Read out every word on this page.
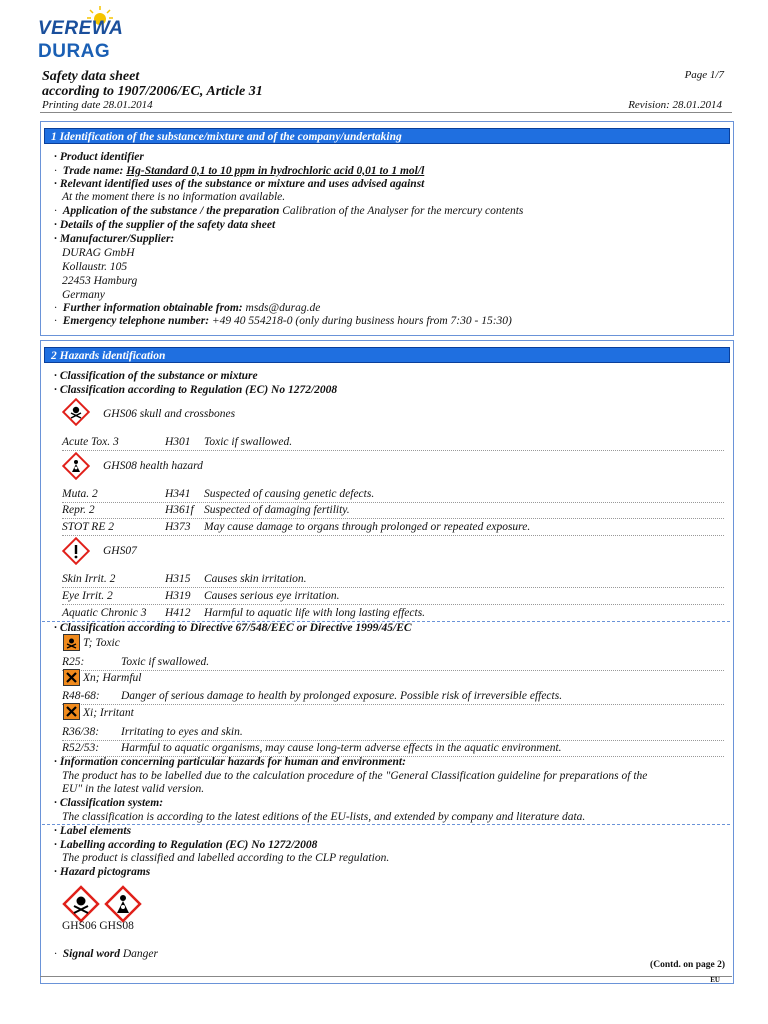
VEREWA
DURAG
Safety data sheet
according to 1907/2006/EC, Article 31
Page 1/7
Printing date 28.01.2014	Revision: 28.01.2014
1 Identification of the substance/mixture and of the company/undertaking
· Product identifier
· Trade name: Hg-Standard 0,1 to 10 ppm in hydrochloric acid 0,01 to 1 mol/l
· Relevant identified uses of the substance or mixture and uses advised against
At the moment there is no information available.
· Application of the substance / the preparation Calibration of the Analyser for the mercury contents
· Details of the supplier of the safety data sheet
· Manufacturer/Supplier:
DURAG GmbH
Kollaustr. 105
22453 Hamburg
Germany
· Further information obtainable from: msds@durag.de
· Emergency telephone number: +49 40 554218-0 (only during business hours from 7:30 - 15:30)
2 Hazards identification
· Classification of the substance or mixture
· Classification according to Regulation (EC) No 1272/2008
GHS06 skull and crossbones
Acute Tox. 3	H301 Toxic if swallowed.
GHS08 health hazard
Muta. 2	H341 Suspected of causing genetic defects.
Repr. 2	H361f Suspected of damaging fertility.
STOT RE 2	H373 May cause damage to organs through prolonged or repeated exposure.
GHS07
Skin Irrit. 2	H315 Causes skin irritation.
Eye Irrit. 2	H319 Causes serious eye irritation.
Aquatic Chronic 3 H412 Harmful to aquatic life with long lasting effects.
· Classification according to Directive 67/548/EEC or Directive 1999/45/EC
T; Toxic
R25:	Toxic if swallowed.
Xn; Harmful
R48-68: Danger of serious damage to health by prolonged exposure. Possible risk of irreversible effects.
Xi; Irritant
R36/38: Irritating to eyes and skin.
R52/53: Harmful to aquatic organisms, may cause long-term adverse effects in the aquatic environment.
· Information concerning particular hazards for human and environment:
The product has to be labelled due to the calculation procedure of the "General Classification guideline for preparations of the
EU" in the latest valid version.
· Classification system:
The classification is according to the latest editions of the EU-lists, and extended by company and literature data.
· Label elements
· Labelling according to Regulation (EC) No 1272/2008
The product is classified and labelled according to the CLP regulation.
· Hazard pictograms
GHS06 GHS08
· Signal word Danger
(Contd. on page 2)
EU
